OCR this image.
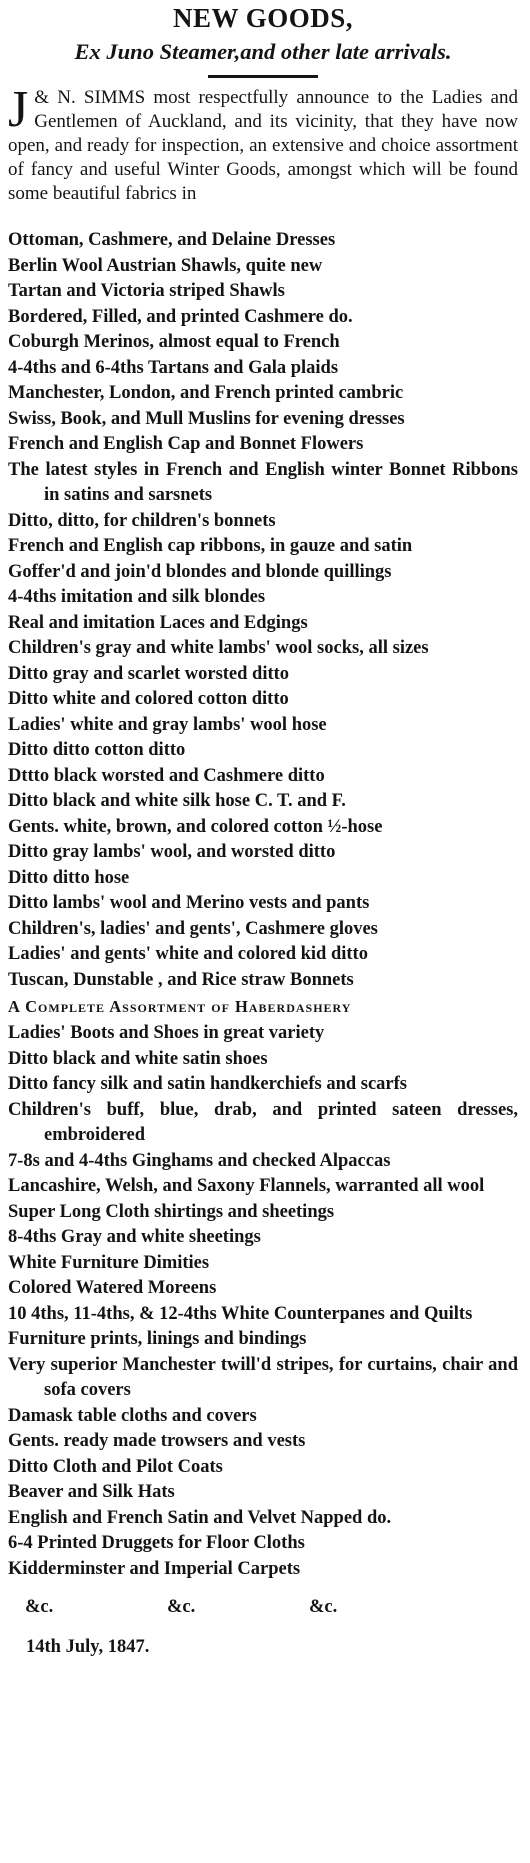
NEW GOODS,
Ex Juno Steamer,and other late arrivals.

J & N. SIMMS most respectfully announce to the Ladies and Gentlemen of Auckland, and its vicinity, that they have now open, and ready for inspection, an extensive and choice assortment of fancy and useful Winter Goods, amongst which will be found some beautiful fabrics in

Ottoman, Cashmere, and Delaine Dresses
Berlin Wool Austrian Shawls, quite new
Tartan and Victoria striped Shawls
Bordered, Filled, and printed Cashmere do.
Coburgh Merinos, almost equal to French
4-4ths and 6-4ths Tartans and Gala plaids
Manchester, London, and French printed cambric
Swiss, Book, and Mull Muslins for evening dresses
French and English Cap and Bonnet Flowers
The latest styles in French and English winter Bonnet Ribbons in satins and sarsnets
Ditto, ditto, for children's bonnets
French and English cap ribbons, in gauze and satin
Goffer'd and join'd blondes and blonde quillings
4-4ths imitation and silk blondes
Real and imitation Laces and Edgings
Children's gray and white lambs' wool socks, all sizes
Ditto gray and scarlet worsted ditto
Ditto white and colored cotton ditto
Ladies' white and gray lambs' wool hose
Ditto ditto cotton ditto
Dttto black worsted and Cashmere ditto
Ditto black and white silk hose C. T. and F.
Gents. white, brown, and colored cotton ½-hose
Ditto gray lambs' wool, and worsted ditto
Ditto ditto hose
Ditto lambs' wool and Merino vests and pants
Children's, ladies' and gents', Cashmere gloves
Ladies' and gents' white and colored kid ditto
Tuscan, Dunstable , and Rice straw Bonnets
A Complete Assortment of Haberdashery
Ladies' Boots and Shoes in great variety
Ditto black and white satin shoes
Ditto fancy silk and satin handkerchiefs and scarfs
Children's buff, blue, drab, and printed sateen dresses, embroidered
7-8s and 4-4ths Ginghams and checked Alpaccas
Lancashire, Welsh, and Saxony Flannels, warranted all wool
Super Long Cloth shirtings and sheetings
8-4ths Gray and white sheetings
White Furniture Dimities
Colored Watered Moreens
10 4ths, 11-4ths, & 12-4ths White Counterpanes and Quilts
Furniture prints, linings and bindings
Very superior Manchester twill'd stripes, for curtains, chair and sofa covers
Damask table cloths and covers
Gents. ready made trowsers and vests
Ditto Cloth and Pilot Coats
Beaver and Silk Hats
English and French Satin and Velvet Napped do.
6-4 Printed Druggets for Floor Cloths
Kidderminster and Imperial Carpets
&c.	&c.	&c.
14th July, 1847.
